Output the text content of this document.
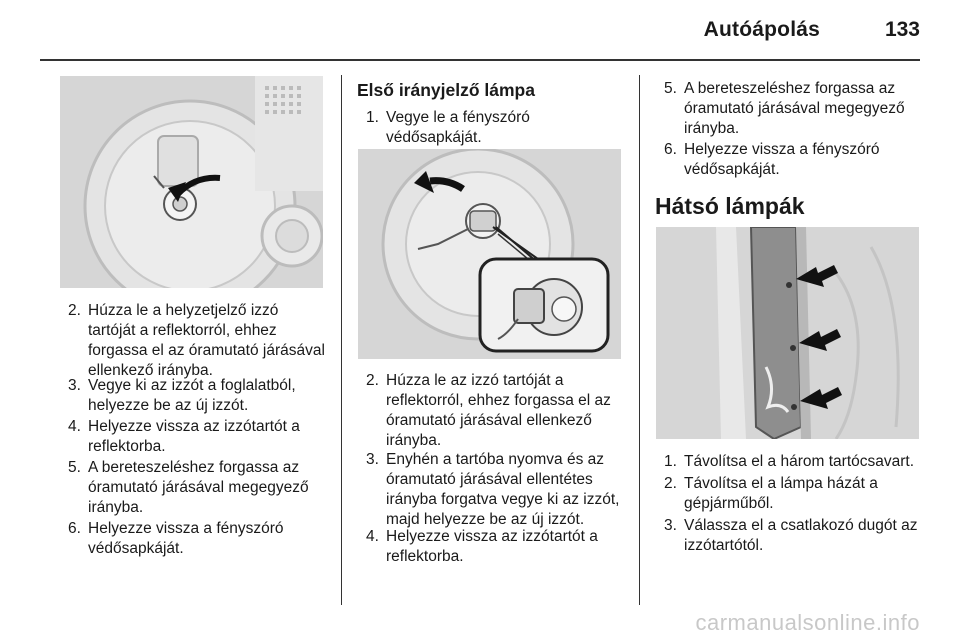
Autóápolás	133
2. Húzza le a helyzetjelző izzó tartóját a reflektorról, ehhez forgassa el az óramutató járásával ellenkező irányba.
3. Vegye ki az izzót a foglalatból, helyezze be az új izzót.
4. Helyezze vissza az izzótartót a reflektorba.
5. A bereteszeléshez forgassa az óramutató járásával megegyező irányba.
6. Helyezze vissza a fényszóró védősapkáját.
Első irányjelző lámpa
1. Vegye le a fényszóró védősapkáját.
2. Húzza le az izzó tartóját a reflektorról, ehhez forgassa el az óramutató járásával ellenkező irányba.
3. Enyhén a tartóba nyomva és az óramutató járásával ellentétes irányba forgatva vegye ki az izzót, majd helyezze be az új izzót.
4. Helyezze vissza az izzótartót a reflektorba.
5. A bereteszeléshez forgassa az óramutató járásával megegyező irányba.
6. Helyezze vissza a fényszóró védősapkáját.
Hátsó lámpák
1. Távolítsa el a három tartócsavart.
2. Távolítsa el a lámpa házát a gépjárműből.
3. Válassza el a csatlakozó dugót az izzótartótól.
carmanualsonline.info
